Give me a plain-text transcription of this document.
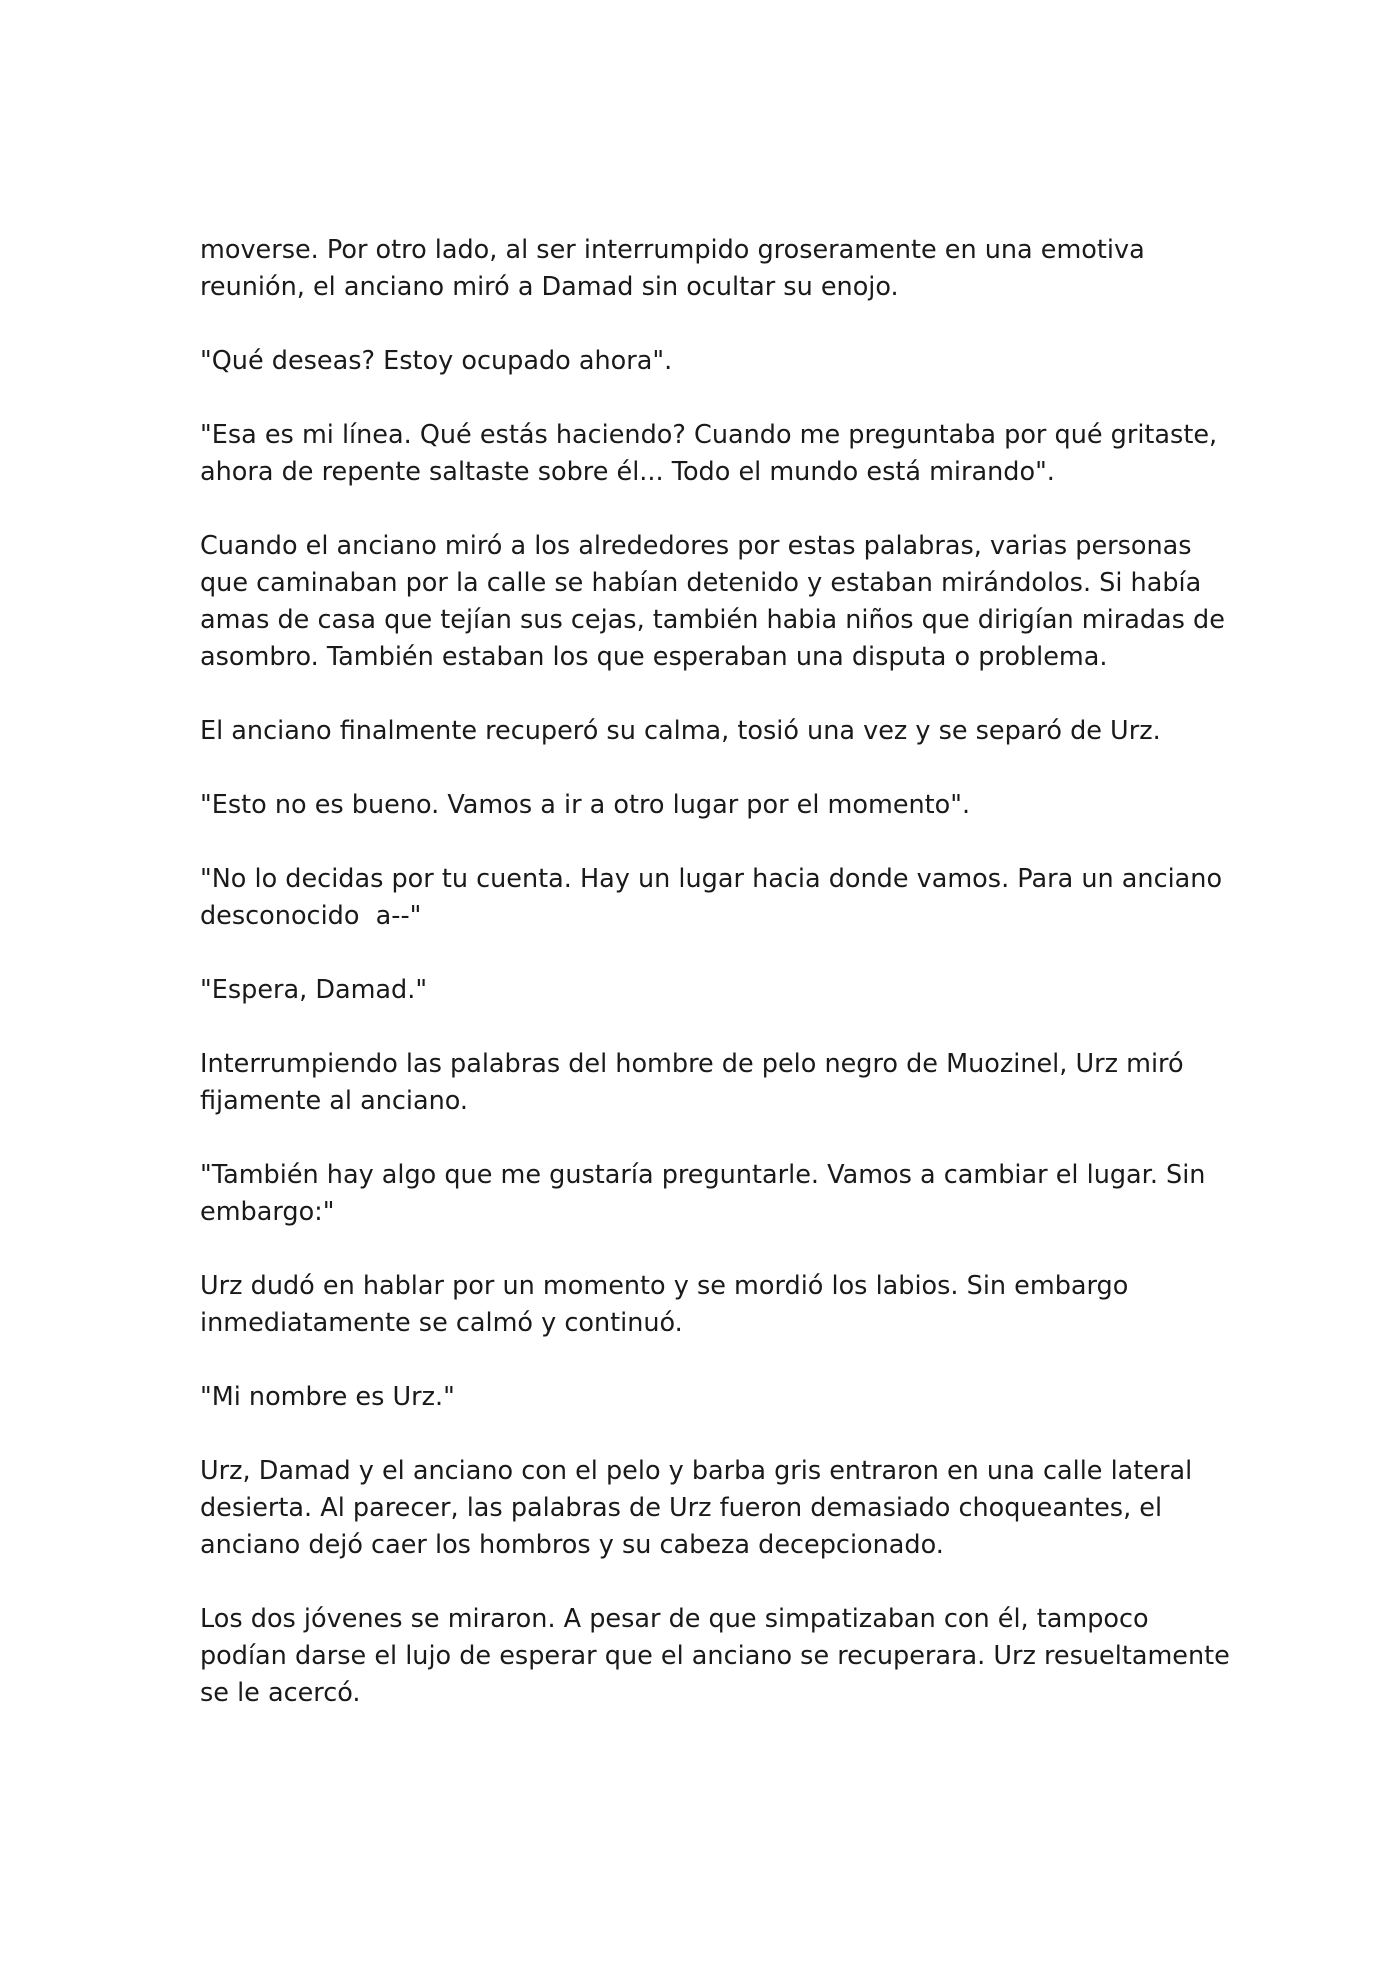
moverse. Por otro lado, al ser interrumpido groseramente en una emotiva
reunión, el anciano miró a Damad sin ocultar su enojo.

"Qué deseas? Estoy ocupado ahora".

"Esa es mi línea. Qué estás haciendo? Cuando me preguntaba por qué gritaste,
ahora de repente saltaste sobre él... Todo el mundo está mirando".

Cuando el anciano miró a los alrededores por estas palabras, varias personas
que caminaban por la calle se habían detenido y estaban mirándolos. Si había
amas de casa que tejían sus cejas, también habia niños que dirigían miradas de
asombro. También estaban los que esperaban una disputa o problema.

El anciano finalmente recuperó su calma, tosió una vez y se separó de Urz.

"Esto no es bueno. Vamos a ir a otro lugar por el momento".

"No lo decidas por tu cuenta. Hay un lugar hacia donde vamos. Para un anciano
desconocido  a--"

"Espera, Damad."

Interrumpiendo las palabras del hombre de pelo negro de Muozinel, Urz miró
fijamente al anciano.

"También hay algo que me gustaría preguntarle. Vamos a cambiar el lugar. Sin
embargo:"

Urz dudó en hablar por un momento y se mordió los labios. Sin embargo
inmediatamente se calmó y continuó.

"Mi nombre es Urz."

Urz, Damad y el anciano con el pelo y barba gris entraron en una calle lateral
desierta. Al parecer, las palabras de Urz fueron demasiado choqueantes, el
anciano dejó caer los hombros y su cabeza decepcionado.

Los dos jóvenes se miraron. A pesar de que simpatizaban con él, tampoco
podían darse el lujo de esperar que el anciano se recuperara. Urz resueltamente
se le acercó.
